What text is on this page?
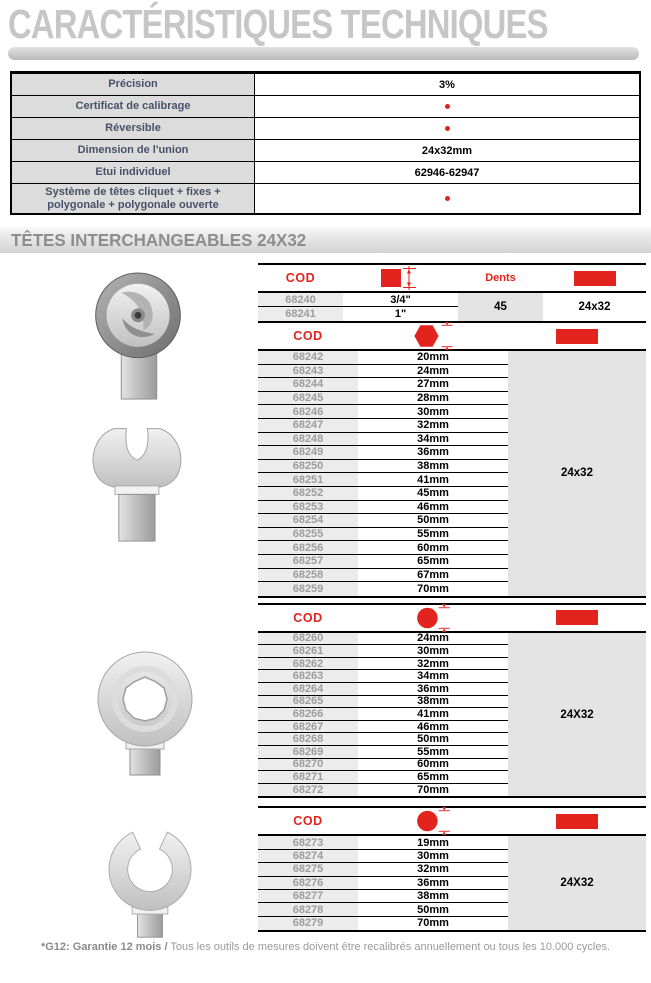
CARACTÉRISTIQUES TECHNIQUES
Précision	3%
Certificat de calibrage
Réversible
Dimension de l'union	24x32mm
Etui individuel	62946-62947
Système de têtes cliquet + fixes + polygonale + polygonale ouverte
TÊTES INTERCHANGEABLES 24X32
COD	Dents
68240	3/4"
68241	1"
45	24x32
COD
68242	20mm
68243	24mm
68244	27mm
68245	28mm
68246	30mm
68247	32mm
68248	34mm
68249	36mm
68250	38mm
68251	41mm
68252	45mm
68253	46mm
68254	50mm
68255	55mm
68256	60mm
68257	65mm
68258	67mm
68259	70mm
24x32
COD
68260	24mm
68261	30mm
68262	32mm
68263	34mm
68264	36mm
68265	38mm
68266	41mm
68267	46mm
68268	50mm
68269	55mm
68270	60mm
68271	65mm
68272	70mm
24X32
COD
68273	19mm
68274	30mm
68275	32mm
68276	36mm
68277	38mm
68278	50mm
68279	70mm
24X32
*G12: Garantie 12 mois / Tous les outils de mesures doivent être recalibrés annuellement ou tous les 10.000 cycles.
